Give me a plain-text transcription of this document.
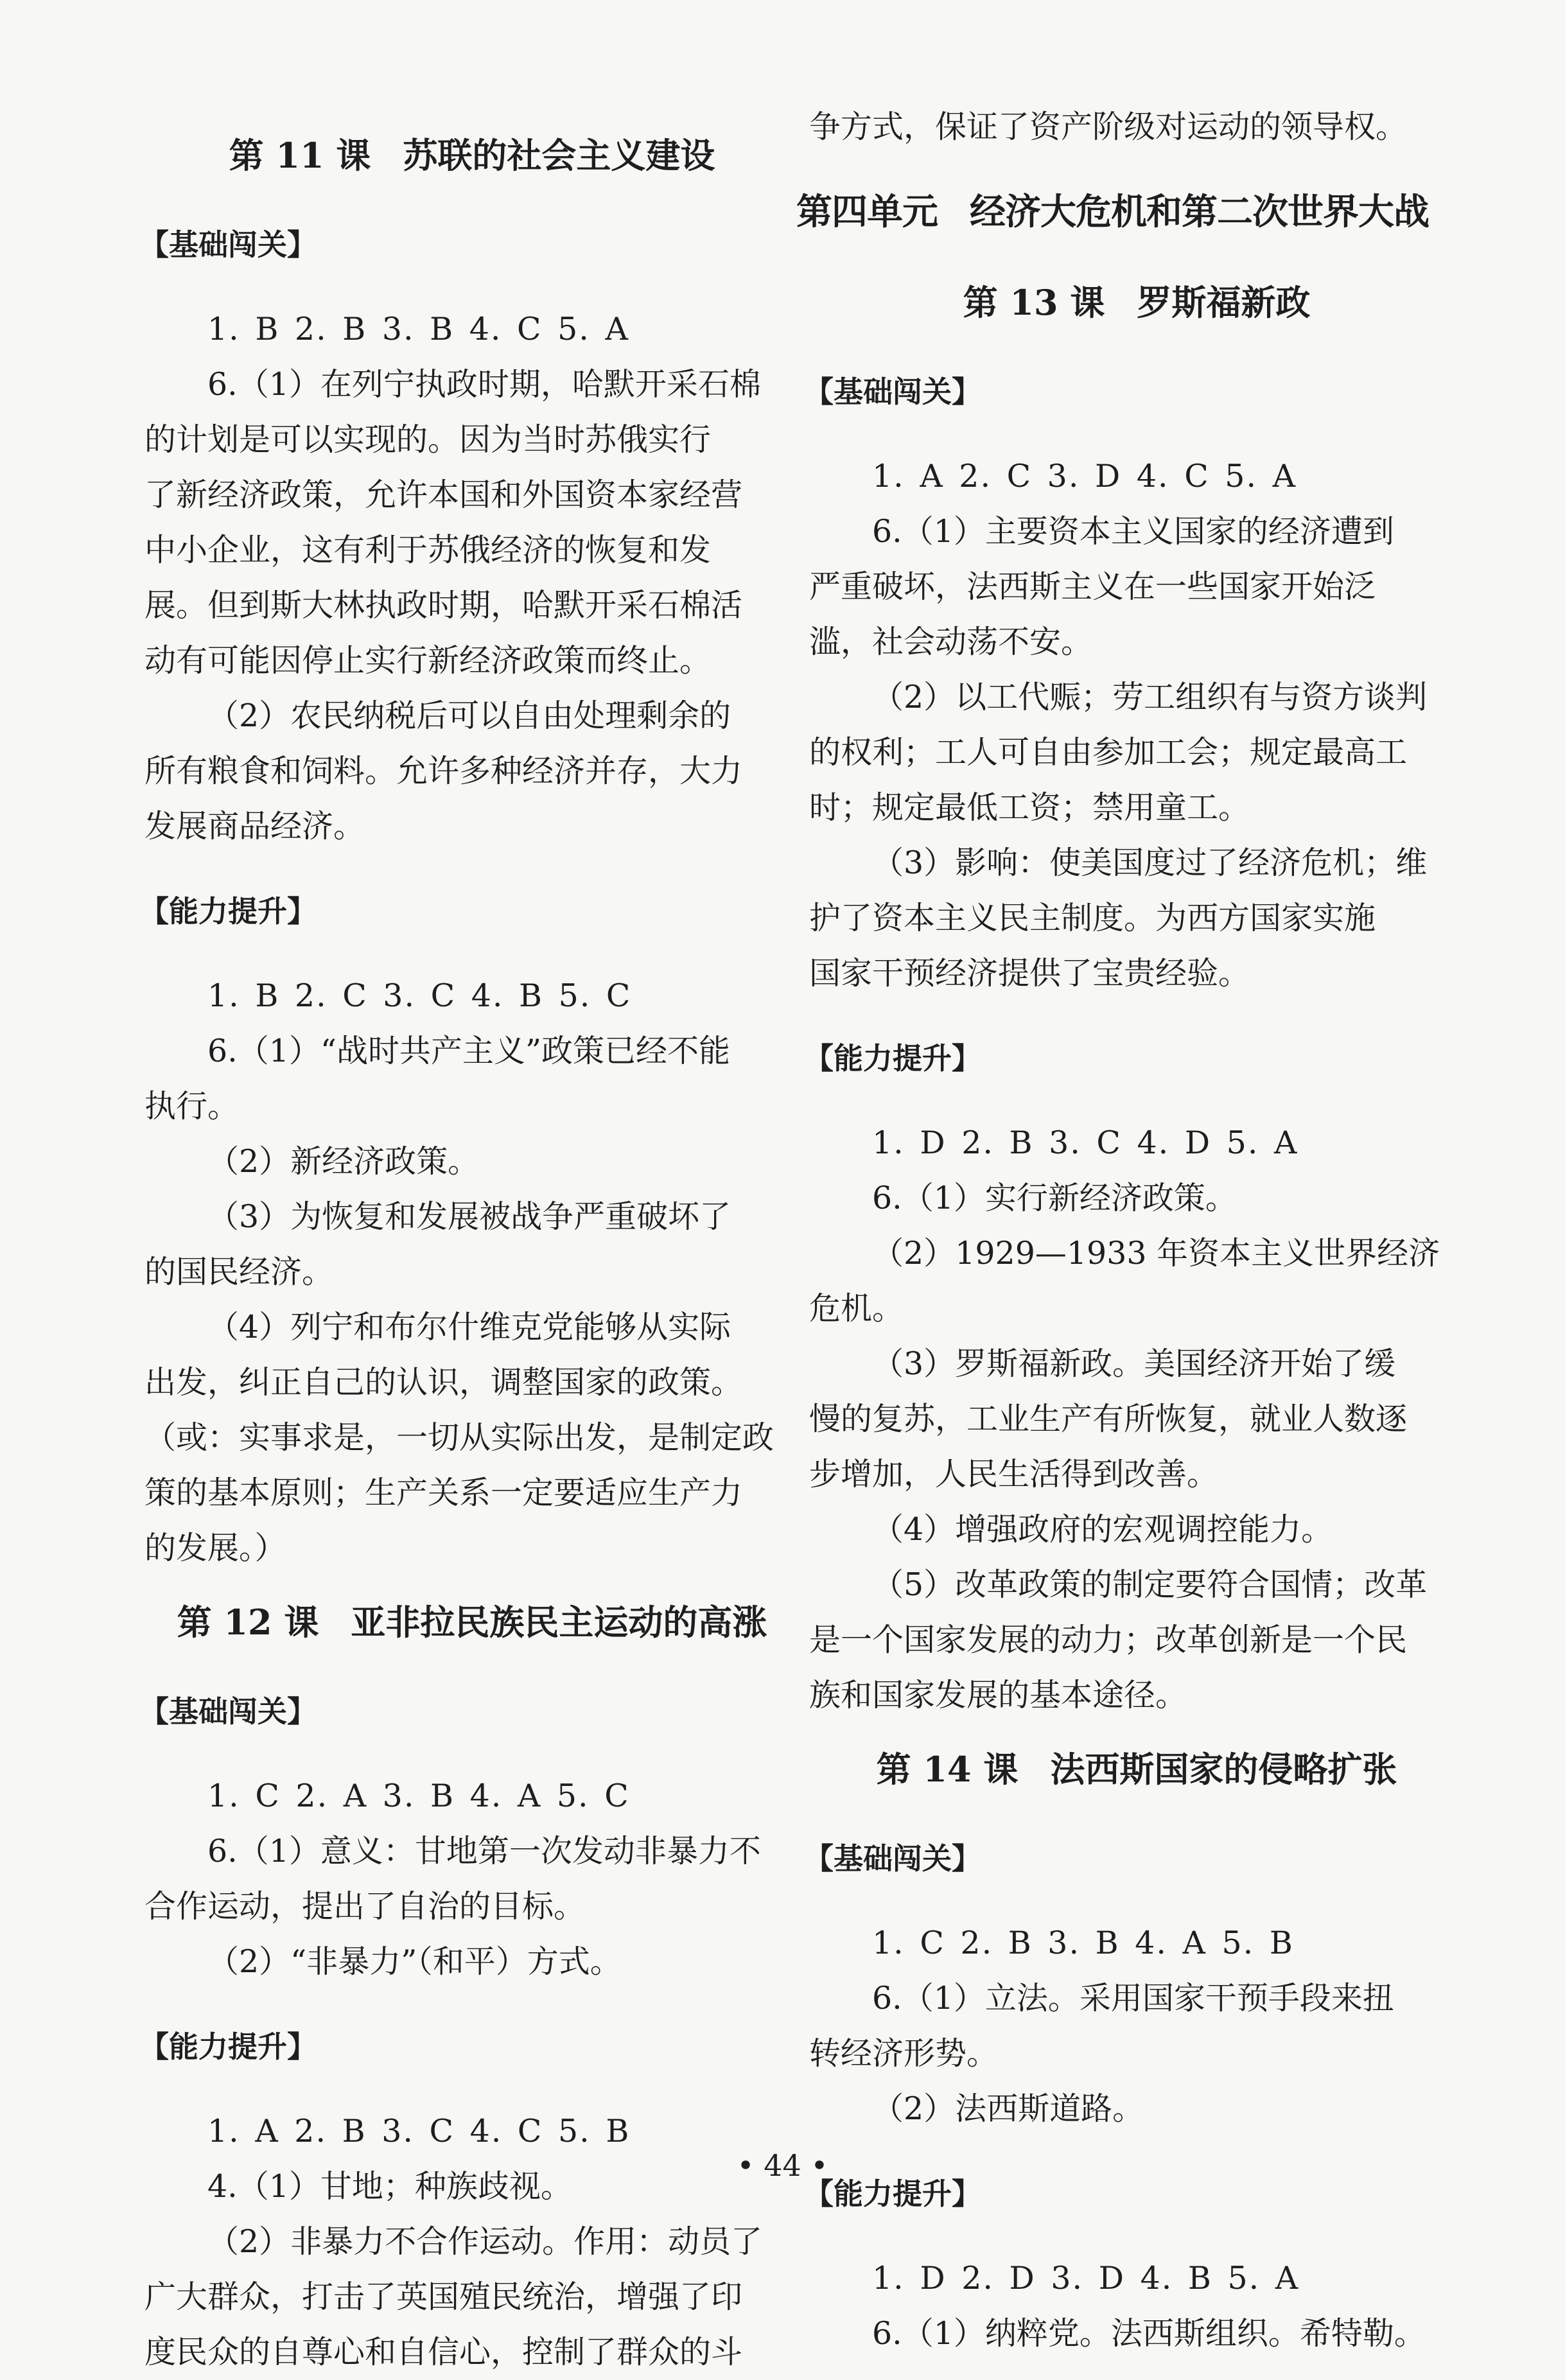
第 11 课 苏联的社会主义建设

【基础闯关】

1. B 2. B 3. B 4. C 5. A

6.（1）在列宁执政时期，哈默开采石棉

的计划是可以实现的。因为当时苏俄实行

了新经济政策，允许本国和外国资本家经营

中小企业，这有利于苏俄经济的恢复和发

展。但到斯大林执政时期，哈默开采石棉活

动有可能因停止实行新经济政策而终止。

（2）农民纳税后可以自由处理剩余的

所有粮食和饲料。允许多种经济并存，大力

发展商品经济。

【能力提升】

1. B 2. C 3. C 4. B 5. C

6.（1）“战时共产主义”政策已经不能

执行。

（2）新经济政策。

（3）为恢复和发展被战争严重破坏了

的国民经济。

（4）列宁和布尔什维克党能够从实际

出发，纠正自己的认识，调整国家的政策。

（或：实事求是，一切从实际出发，是制定政

策的基本原则；生产关系一定要适应生产力

的发展。）

第 12 课 亚非拉民族民主运动的高涨

【基础闯关】

1. C 2. A 3. B 4. A 5. C

6.（1）意义：甘地第一次发动非暴力不

合作运动，提出了自治的目标。

（2）“非暴力”（和平）方式。

【能力提升】

1. A 2. B 3. C 4. C 5. B

4.（1）甘地；种族歧视。

（2）非暴力不合作运动。作用：动员了

广大群众，打击了英国殖民统治，增强了印

度民众的自尊心和自信心，控制了群众的斗

争方式，保证了资产阶级对运动的领导权。

第四单元 经济大危机和第二次世界大战
第 13 课 罗斯福新政

【基础闯关】

1. A 2. C 3. D 4. C 5. A

6.（1）主要资本主义国家的经济遭到

严重破坏，法西斯主义在一些国家开始泛

滥，社会动荡不安。

（2）以工代赈；劳工组织有与资方谈判

的权利；工人可自由参加工会；规定最高工

时；规定最低工资；禁用童工。

（3）影响：使美国度过了经济危机；维

护了资本主义民主制度。为西方国家实施

国家干预经济提供了宝贵经验。

【能力提升】

1. D 2. B 3. C 4. D 5. A

6.（1）实行新经济政策。

（2）1929—1933 年资本主义世界经济

危机。

（3）罗斯福新政。美国经济开始了缓

慢的复苏，工业生产有所恢复，就业人数逐

步增加，人民生活得到改善。

（4）增强政府的宏观调控能力。

（5）改革政策的制定要符合国情；改革

是一个国家发展的动力；改革创新是一个民

族和国家发展的基本途径。

第 14 课 法西斯国家的侵略扩张

【基础闯关】

1. C 2. B 3. B 4. A 5. B

6.（1）立法。采用国家干预手段来扭

转经济形势。

（2）法西斯道路。

【能力提升】

1. D 2. D 3. D 4. B 5. A

6.（1）纳粹党。法西斯组织。希特勒。

• 44 •
